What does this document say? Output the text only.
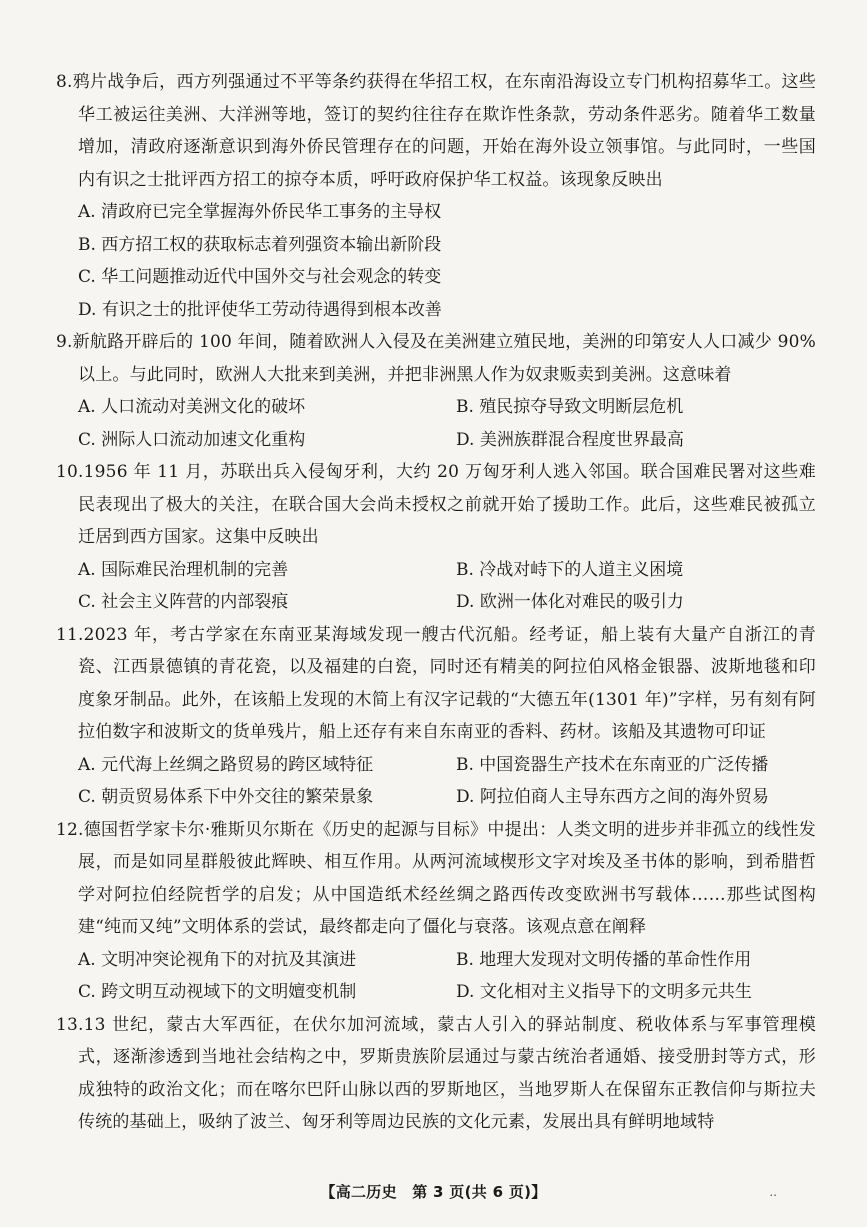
8.鸦片战争后，西方列强通过不平等条约获得在华招工权，在东南沿海设立专门机构招募华工。这些华工被运往美洲、大洋洲等地，签订的契约往往存在欺诈性条款，劳动条件恶劣。随着华工数量增加，清政府逐渐意识到海外侨民管理存在的问题，开始在海外设立领事馆。与此同时，一些国内有识之士批评西方招工的掠夺本质，呼吁政府保护华工权益。该现象反映出

A. 清政府已完全掌握海外侨民华工事务的主导权

B. 西方招工权的获取标志着列强资本输出新阶段

C. 华工问题推动近代中国外交与社会观念的转变

D. 有识之士的批评使华工劳动待遇得到根本改善

9.新航路开辟后的 100 年间，随着欧洲人入侵及在美洲建立殖民地，美洲的印第安人人口减少 90%以上。与此同时，欧洲人大批来到美洲，并把非洲黑人作为奴隶贩卖到美洲。这意味着

A. 人口流动对美洲文化的破坏	B. 殖民掠夺导致文明断层危机

C. 洲际人口流动加速文化重构	D. 美洲族群混合程度世界最高

10.1956 年 11 月，苏联出兵入侵匈牙利，大约 20 万匈牙利人逃入邻国。联合国难民署对这些难民表现出了极大的关注，在联合国大会尚未授权之前就开始了援助工作。此后，这些难民被孤立迁居到西方国家。这集中反映出

A. 国际难民治理机制的完善	B. 冷战对峙下的人道主义困境

C. 社会主义阵营的内部裂痕	D. 欧洲一体化对难民的吸引力

11.2023 年，考古学家在东南亚某海域发现一艘古代沉船。经考证，船上装有大量产自浙江的青瓷、江西景德镇的青花瓷，以及福建的白瓷，同时还有精美的阿拉伯风格金银器、波斯地毯和印度象牙制品。此外，在该船上发现的木简上有汉字记载的“大德五年(1301 年)”字样，另有刻有阿拉伯数字和波斯文的货单残片，船上还存有来自东南亚的香料、药材。该船及其遗物可印证

A. 元代海上丝绸之路贸易的跨区域特征	B. 中国瓷器生产技术在东南亚的广泛传播

C. 朝贡贸易体系下中外交往的繁荣景象	D. 阿拉伯商人主导东西方之间的海外贸易

12.德国哲学家卡尔·雅斯贝尔斯在《历史的起源与目标》中提出：人类文明的进步并非孤立的线性发展，而是如同星群般彼此辉映、相互作用。从两河流域楔形文字对埃及圣书体的影响，到希腊哲学对阿拉伯经院哲学的启发；从中国造纸术经丝绸之路西传改变欧洲书写载体……那些试图构建“纯而又纯”文明体系的尝试，最终都走向了僵化与衰落。该观点意在阐释

A. 文明冲突论视角下的对抗及其演进	B. 地理大发现对文明传播的革命性作用

C. 跨文明互动视域下的文明嬗变机制	D. 文化相对主义指导下的文明多元共生

13.13 世纪，蒙古大军西征，在伏尔加河流域，蒙古人引入的驿站制度、税收体系与军事管理模式，逐渐渗透到当地社会结构之中，罗斯贵族阶层通过与蒙古统治者通婚、接受册封等方式，形成独特的政治文化；而在喀尔巴阡山脉以西的罗斯地区，当地罗斯人在保留东正教信仰与斯拉夫传统的基础上，吸纳了波兰、匈牙利等周边民族的文化元素，发展出具有鲜明地域特

【高二历史　第 3 页(共 6 页)】	..
